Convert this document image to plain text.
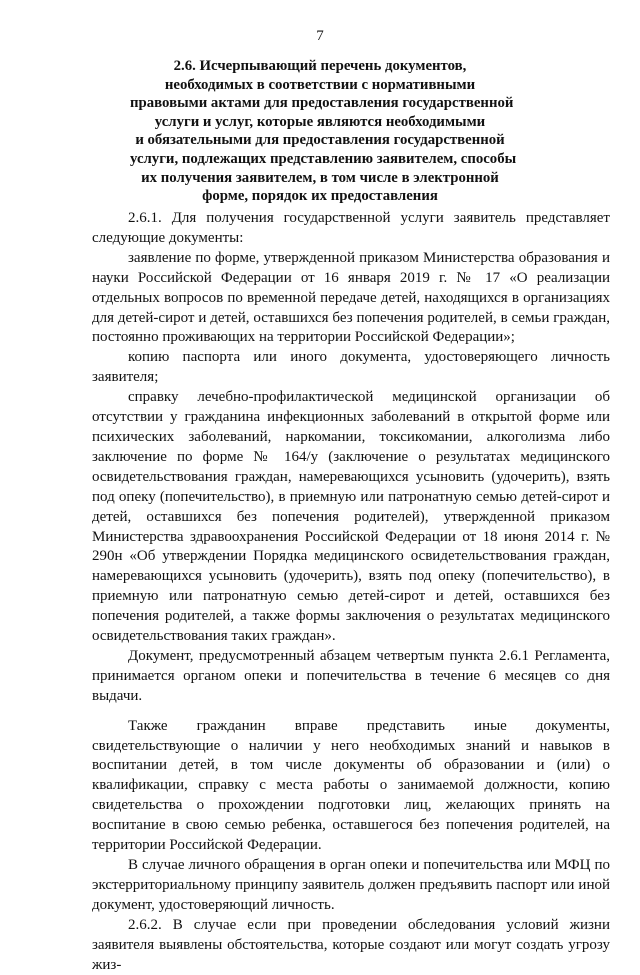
7
2.6. Исчерпывающий перечень документов,
необходимых в соответствии с нормативными
правовыми актами для предоставления государственной
услуги и услуг, которые являются необходимыми
и обязательными для предоставления государственной
услуги, подлежащих представлению заявителем, способы
их получения заявителем, в том числе в электронной
форме, порядок их предоставления

2.6.1. Для получения государственной услуги заявитель представляет следующие документы:

заявление по форме, утвержденной приказом Министерства образования и науки Российской Федерации от 16 января 2019 г. № 17 «О реализации отдельных вопросов по временной передаче детей, находящихся в организациях для детей-сирот и детей, оставшихся без попечения родителей, в семьи граждан, постоянно проживающих на территории Российской Федерации»;

копию паспорта или иного документа, удостоверяющего личность заявителя;

справку лечебно-профилактической медицинской организации об отсутствии у гражданина инфекционных заболеваний в открытой форме или психических заболеваний, наркомании, токсикомании, алкоголизма либо заключение по форме № 164/у (заключение о результатах медицинского освидетельствования граждан, намеревающихся усыновить (удочерить), взять под опеку (попечительство), в приемную или патронатную семью детей-сирот и детей, оставшихся без попечения родителей), утвержденной приказом Министерства здравоохранения Российской Федерации от 18 июня 2014 г. № 290н «Об утверждении Порядка медицинского освидетельствования граждан, намеревающихся усыновить (удочерить), взять под опеку (попечительство), в приемную или патронатную семью детей-сирот и детей, оставшихся без попечения родителей, а также формы заключения о результатах медицинского освидетельствования таких граждан».

Документ, предусмотренный абзацем четвертым пункта 2.6.1 Регламента, принимается органом опеки и попечительства в течение 6 месяцев со дня выдачи.

Также гражданин вправе представить иные документы, свидетельствующие о наличии у него необходимых знаний и навыков в воспитании детей, в том числе документы об образовании и (или) о квалификации, справку с места работы о занимаемой должности, копию свидетельства о прохождении подготовки лиц, желающих принять на воспитание в свою семью ребенка, оставшегося без попечения родителей, на территории Российской Федерации.

В случае личного обращения в орган опеки и попечительства или МФЦ по экстерриториальному принципу заявитель должен предъявить паспорт или иной документ, удостоверяющий личность.

2.6.2. В случае если при проведении обследования условий жизни заявителя выявлены обстоятельства, которые создают или могут создать угрозу жиз-
